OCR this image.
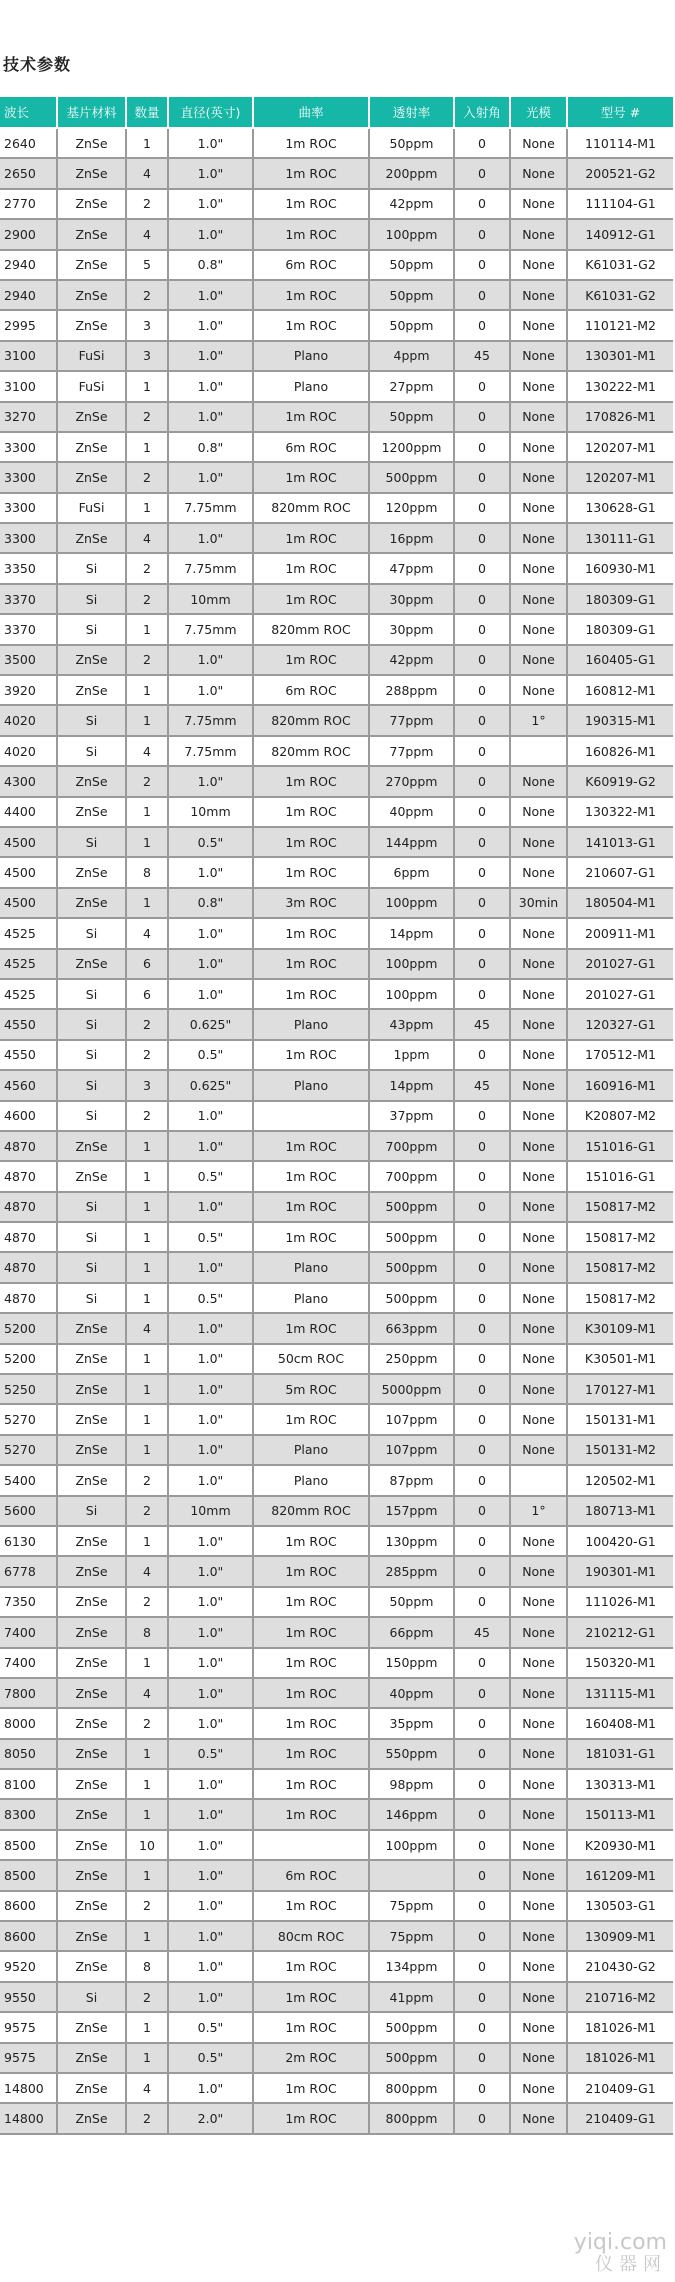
技术参数
波长	基片材料	数量	直径(英寸)	曲率	透射率	入射角	光模	型号 #
2640	ZnSe	1	1.0"	1m ROC	50ppm	0	None	110114-M1
2650	ZnSe	4	1.0"	1m ROC	200ppm	0	None	200521-G2
2770	ZnSe	2	1.0"	1m ROC	42ppm	0	None	111104-G1
2900	ZnSe	4	1.0"	1m ROC	100ppm	0	None	140912-G1
2940	ZnSe	5	0.8"	6m ROC	50ppm	0	None	K61031-G2
2940	ZnSe	2	1.0"	1m ROC	50ppm	0	None	K61031-G2
2995	ZnSe	3	1.0"	1m ROC	50ppm	0	None	110121-M2
3100	FuSi	3	1.0"	Plano	4ppm	45	None	130301-M1
3100	FuSi	1	1.0"	Plano	27ppm	0	None	130222-M1
3270	ZnSe	2	1.0"	1m ROC	50ppm	0	None	170826-M1
3300	ZnSe	1	0.8"	6m ROC	1200ppm	0	None	120207-M1
3300	ZnSe	2	1.0"	1m ROC	500ppm	0	None	120207-M1
3300	FuSi	1	7.75mm	820mm ROC	120ppm	0	None	130628-G1
3300	ZnSe	4	1.0"	1m ROC	16ppm	0	None	130111-G1
3350	Si	2	7.75mm	1m ROC	47ppm	0	None	160930-M1
3370	Si	2	10mm	1m ROC	30ppm	0	None	180309-G1
3370	Si	1	7.75mm	820mm ROC	30ppm	0	None	180309-G1
3500	ZnSe	2	1.0"	1m ROC	42ppm	0	None	160405-G1
3920	ZnSe	1	1.0"	6m ROC	288ppm	0	None	160812-M1
4020	Si	1	7.75mm	820mm ROC	77ppm	0	1°	190315-M1
4020	Si	4	7.75mm	820mm ROC	77ppm	0		160826-M1
4300	ZnSe	2	1.0"	1m ROC	270ppm	0	None	K60919-G2
4400	ZnSe	1	10mm	1m ROC	40ppm	0	None	130322-M1
4500	Si	1	0.5"	1m ROC	144ppm	0	None	141013-G1
4500	ZnSe	8	1.0"	1m ROC	6ppm	0	None	210607-G1
4500	ZnSe	1	0.8"	3m ROC	100ppm	0	30min	180504-M1
4525	Si	4	1.0"	1m ROC	14ppm	0	None	200911-M1
4525	ZnSe	6	1.0"	1m ROC	100ppm	0	None	201027-G1
4525	Si	6	1.0"	1m ROC	100ppm	0	None	201027-G1
4550	Si	2	0.625"	Plano	43ppm	45	None	120327-G1
4550	Si	2	0.5"	1m ROC	1ppm	0	None	170512-M1
4560	Si	3	0.625"	Plano	14ppm	45	None	160916-M1
4600	Si	2	1.0"		37ppm	0	None	K20807-M2
4870	ZnSe	1	1.0"	1m ROC	700ppm	0	None	151016-G1
4870	ZnSe	1	0.5"	1m ROC	700ppm	0	None	151016-G1
4870	Si	1	1.0"	1m ROC	500ppm	0	None	150817-M2
4870	Si	1	0.5"	1m ROC	500ppm	0	None	150817-M2
4870	Si	1	1.0"	Plano	500ppm	0	None	150817-M2
4870	Si	1	0.5"	Plano	500ppm	0	None	150817-M2
5200	ZnSe	4	1.0"	1m ROC	663ppm	0	None	K30109-M1
5200	ZnSe	1	1.0"	50cm ROC	250ppm	0	None	K30501-M1
5250	ZnSe	1	1.0"	5m ROC	5000ppm	0	None	170127-M1
5270	ZnSe	1	1.0"	1m ROC	107ppm	0	None	150131-M1
5270	ZnSe	1	1.0"	Plano	107ppm	0	None	150131-M2
5400	ZnSe	2	1.0"	Plano	87ppm	0		120502-M1
5600	Si	2	10mm	820mm ROC	157ppm	0	1°	180713-M1
6130	ZnSe	1	1.0"	1m ROC	130ppm	0	None	100420-G1
6778	ZnSe	4	1.0"	1m ROC	285ppm	0	None	190301-M1
7350	ZnSe	2	1.0"	1m ROC	50ppm	0	None	111026-M1
7400	ZnSe	8	1.0"	1m ROC	66ppm	45	None	210212-G1
7400	ZnSe	1	1.0"	1m ROC	150ppm	0	None	150320-M1
7800	ZnSe	4	1.0"	1m ROC	40ppm	0	None	131115-M1
8000	ZnSe	2	1.0"	1m ROC	35ppm	0	None	160408-M1
8050	ZnSe	1	0.5"	1m ROC	550ppm	0	None	181031-G1
8100	ZnSe	1	1.0"	1m ROC	98ppm	0	None	130313-M1
8300	ZnSe	1	1.0"	1m ROC	146ppm	0	None	150113-M1
8500	ZnSe	10	1.0"		100ppm	0	None	K20930-M1
8500	ZnSe	1	1.0"	6m ROC		0	None	161209-M1
8600	ZnSe	2	1.0"	1m ROC	75ppm	0	None	130503-G1
8600	ZnSe	1	1.0"	80cm ROC	75ppm	0	None	130909-M1
9520	ZnSe	8	1.0"	1m ROC	134ppm	0	None	210430-G2
9550	Si	2	1.0"	1m ROC	41ppm	0	None	210716-M2
9575	ZnSe	1	0.5"	1m ROC	500ppm	0	None	181026-M1
9575	ZnSe	1	0.5"	2m ROC	500ppm	0	None	181026-M1
14800	ZnSe	4	1.0"	1m ROC	800ppm	0	None	210409-G1
14800	ZnSe	2	2.0"	1m ROC	800ppm	0	None	210409-G1
yiqi.com
仪器网
